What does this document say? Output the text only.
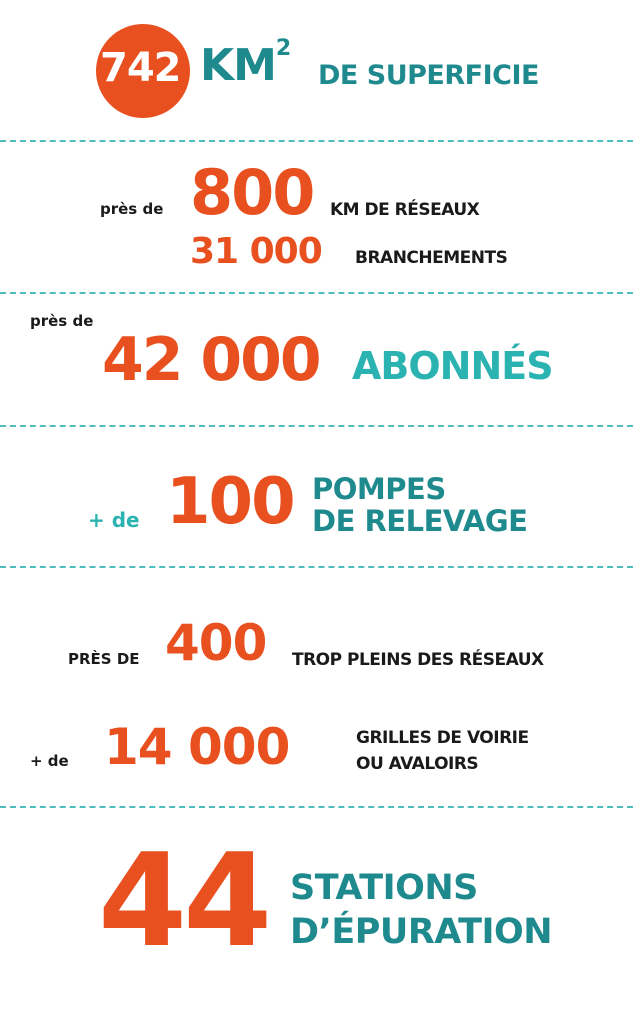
742 $KM^2$
DE SUPERFICIE
près de 800 KM DE RÉSEAUX
31 000 BRANCHEMENTS
près de
42 000 ABONNÉS
+ de 100 POMPES
DE RELEVAGE
PRÈS DE 400 TROP PLEINS DES RÉSEAUX
+ de 14 000	GRILLES DE VOIRIE
OU AVALOIRS
44 STATIONS
D’ÉPURATION
